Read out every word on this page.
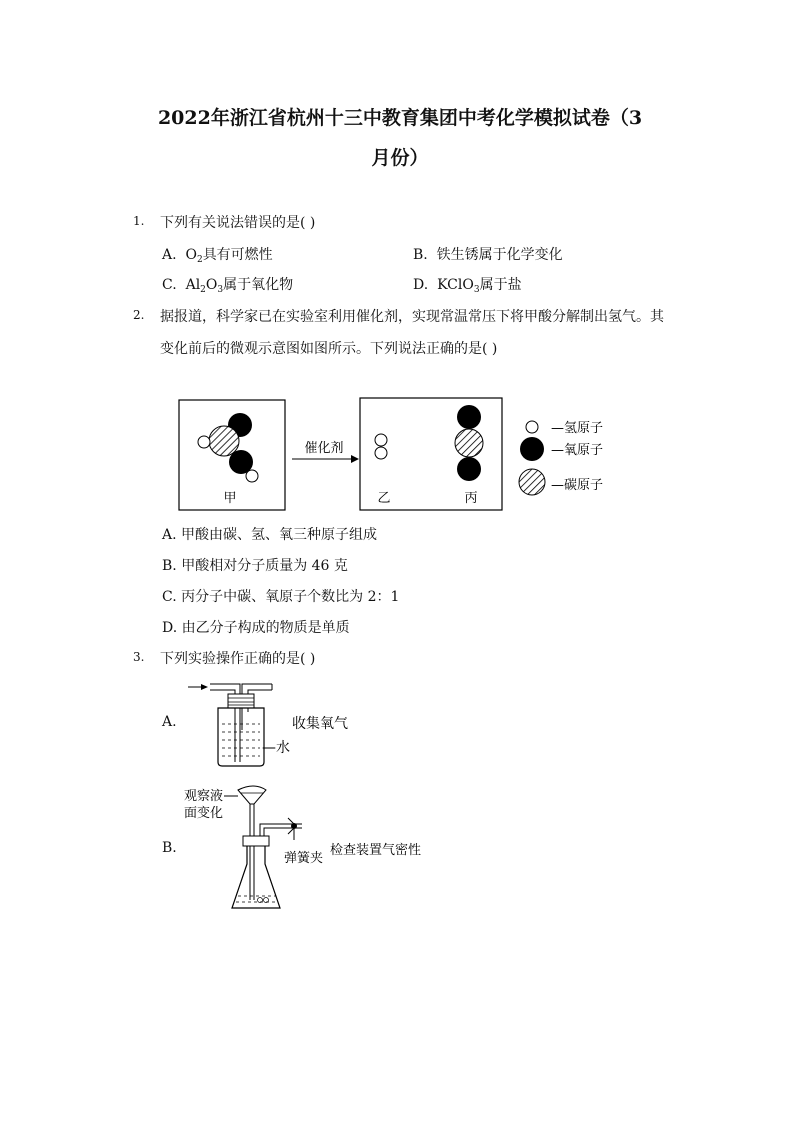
2022年浙江省杭州十三中教育集团中考化学模拟试卷（3
月份）
1. 下列有关说法错误的是( )
A. $O_2$具有可燃性	B. 铁生锈属于化学变化
C. $Al_2O_3$属于氧化物	D. KClO$_3$属于盐
2. 据报道，科学家已在实验室利用催化剂，实现常温常压下将甲酸分解制出氢气。其
变化前后的微观示意图如图所示。下列说法正确的是( )
甲
催化剂
乙	丙
—氢原子
—氧原子
—碳原子
A. 甲酸由碳、氢、氧三种原子组成
B. 甲酸相对分子质量为 46 克
C. 丙分子中碳、氧原子个数比为 2：1
D. 由乙分子构成的物质是单质
3. 下列实验操作正确的是( )
A.	收集氧气
—水
B.
观察液
面变化
弹簧夹
检查装置气密性
